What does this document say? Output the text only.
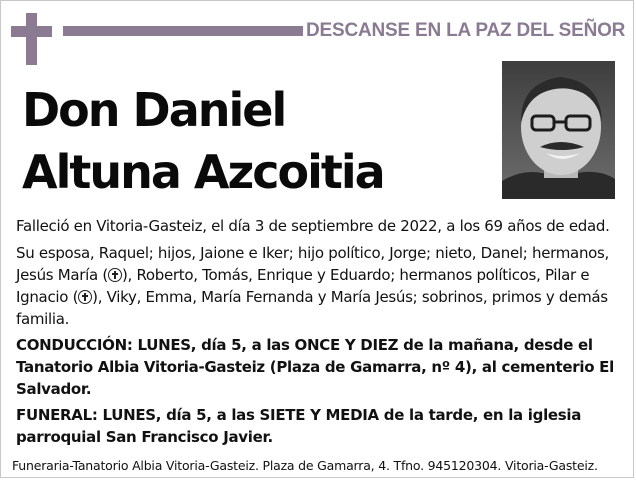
DESCANSE EN LA PAZ DEL SEÑOR
Don Daniel
Altuna Azcoitia
Falleció en Vitoria-Gasteiz, el día 3 de septiembre de 2022, a los 69 años de edad.
Su esposa, Raquel; hijos, Jaione e Iker; hijo político, Jorge; nieto, Danel; hermanos, Jesús María ( ), Roberto, Tomás, Enrique y Eduardo; hermanos políticos, Pilar e Ignacio ( ), Viky, Emma, María Fernanda y María Jesús; sobrinos, primos y demás familia.
CONDUCCIÓN: LUNES, día 5, a las ONCE Y DIEZ de la mañana, desde el Tanatorio Albia Vitoria-Gasteiz (Plaza de Gamarra, nº 4), al cementerio El Salvador.
FUNERAL: LUNES, día 5, a las SIETE Y MEDIA de la tarde, en la iglesia parroquial San Francisco Javier.
Funeraria-Tanatorio Albia Vitoria-Gasteiz. Plaza de Gamarra, 4. Tfno. 945120304. Vitoria-Gasteiz.
